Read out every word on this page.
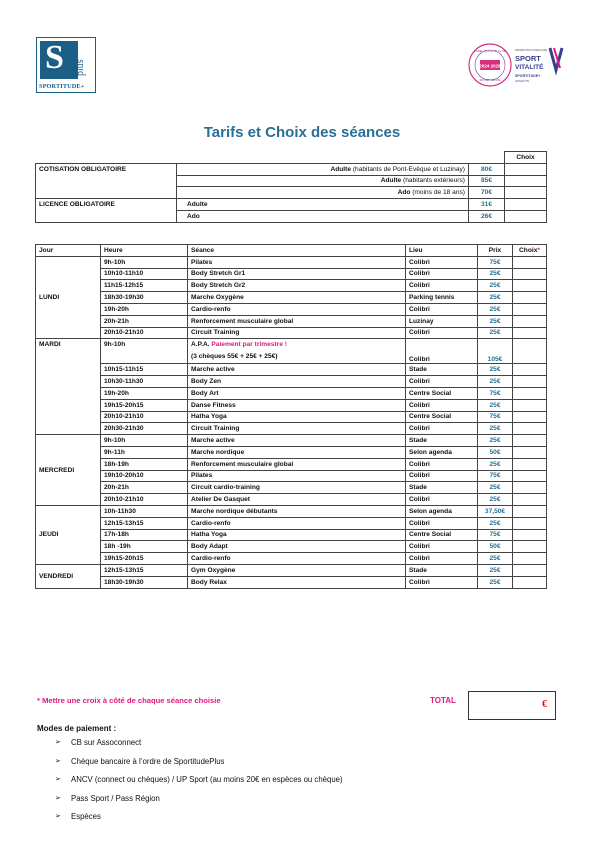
S plus
SPORTITUDE+
2024 2028
LABEL QUALITÉ CLUB
SPORT SANTÉ
FÉDÉRATION FRANÇAISE
SPORT
VITALITÉ
SPORTITUDE+
ASSOC'IN
Tarifs et Choix des séances
			Choix
COTISATION OBLIGATOIRE	Adulte (habitants de Pont-Evêque et Luzinay)	80€	
	Adulte (habitants extérieurs)	85€	
	Ado (moins de 18 ans)	70€	
LICENCE OBLIGATOIRE	Adulte	31€	
	Ado	26€	
Jour	Heure	Séance	Lieu	Prix	Choix*
LUNDI	9h-10h	Pilates	Colibri	75€	
	10h10-11h10	Body Stretch Gr1	Colibri	25€	
	11h15-12h15	Body Stretch Gr2	Colibri	25€	
	18h30-19h30	Marche Oxygène	Parking tennis	25€	
	19h-20h	Cardio-renfo	Colibri	25€	
	20h-21h	Renforcement musculaire global	Luzinay	25€	
	20h10-21h10	Circuit Training	Colibri	25€	
MARDI	9h-10h	A.P.A. Paiement par trimestre !
(3 chèques 55€ + 25€ + 25€)	Colibri	105€	
	10h15-11h15	Marche active	Stade	25€	
	10h30-11h30	Body Zen	Colibri	25€	
	19h-20h	Body Art	Centre Social	75€	
	19h15-20h15	Danse Fitness	Colibri	25€	
	20h10-21h10	Hatha Yoga	Centre Social	75€	
	20h30-21h30	Circuit Training	Colibri	25€	
MERCREDI	9h-10h	Marche active	Stade	25€	
	9h-11h	Marche nordique	Selon agenda	50€	
	18h-19h	Renforcement musculaire global	Colibri	25€	
	19h10-20h10	Pilates	Colibri	75€	
	20h-21h	Circuit cardio-training	Stade	25€	
	20h10-21h10	Atelier De Gasquet	Colibri	25€	
JEUDI	10h-11h30	Marche nordique débutants	Selon agenda	37,50€	
	12h15-13h15	Cardio-renfo	Colibri	25€	
	17h-18h	Hatha Yoga	Centre Social	75€	
	18h -19h	Body Adapt	Colibri	50€	
	19h15-20h15	Cardio-renfo	Colibri	25€	
VENDREDI	12h15-13h15	Gym Oxygène	Stade	25€	
	18h30-19h30	Body Relax	Colibri	25€	
* Mettre une croix à côté de chaque séance choisie	TOTAL	€
Modes de paiement :
➢	CB sur Assoconnect
➢	Chèque bancaire à l’ordre de SportitudePlus
➢	ANCV (connect ou chèques) / UP Sport (au moins 20€ en espèces ou chèque)
➢	Pass Sport / Pass Région
➢	Espèces
